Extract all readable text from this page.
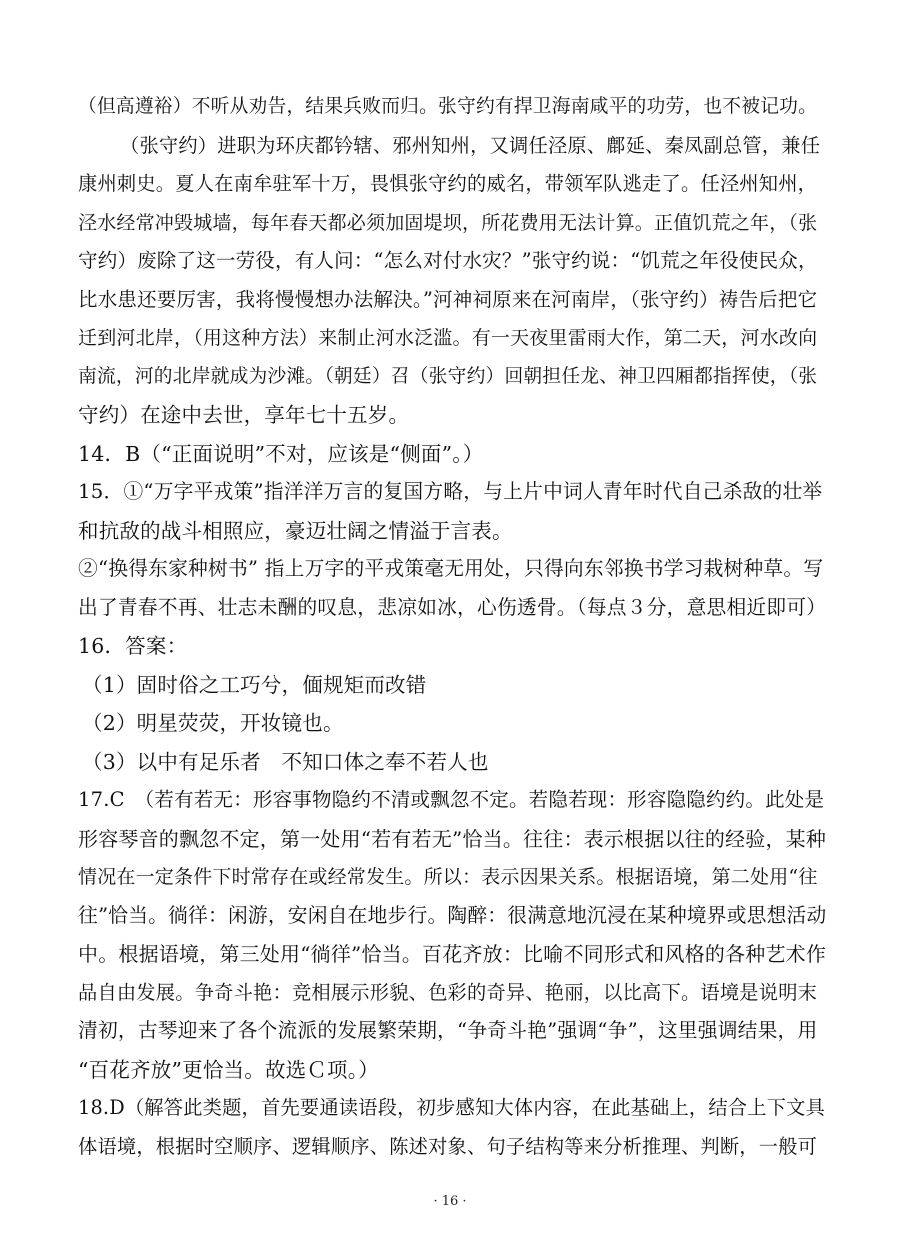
（但高遵裕）不听从劝告，结果兵败而归。张守约有捍卫海南咸平的功劳，也不被记功。
（张守约）进职为环庆都钤辖、邪州知州，又调任泾原、鄜延、秦凤副总管，兼任
康州刺史。夏人在南牟驻军十万，畏惧张守约的威名，带领军队逃走了。任泾州知州，
泾水经常冲毁城墙，每年春天都必须加固堤坝，所花费用无法计算。正值饥荒之年，（张
守约）废除了这一劳役，有人问：“怎么对付水灾？”张守约说：“饥荒之年役使民众，
比水患还要厉害，我将慢慢想办法解決。”河神祠原来在河南岸，（张守约）祷告后把它
迁到河北岸，（用这种方法）来制止河水泛滥。有一天夜里雷雨大作，第二天，河水改向
南流，河的北岸就成为沙滩。（朝廷）召（张守约）回朝担任龙、神卫四厢都指挥使，（张
守约）在途中去世，享年七十五岁。
14．B（“正面说明”不对，应该是“侧面”。）
15．①“万字平戎策”指洋洋万言的复国方略，与上片中词人青年时代自己杀敌的壮举
和抗敌的战斗相照应，豪迈壮阔之情溢于言表。
②“换得东家种树书” 指上万字的平戎策毫无用处，只得向东邻换书学习栽树种草。写
出了青春不再、壮志未酬的叹息，悲凉如冰，心伤透骨。（每点３分，意思相近即可）
16．答案：
（1）固时俗之工巧兮，偭规矩而改错
（2）明星荧荧，开妆镜也。
（3）以中有足乐者　不知口体之奉不若人也
17.C　（若有若无：形容事物隐约不清或飘忽不定。若隐若现：形容隐隐约约。此处是
形容琴音的飘忽不定，第一处用“若有若无”恰当。往往：表示根据以往的经验，某种
情况在一定条件下时常存在或经常发生。所以：表示因果关系。根据语境，第二处用“往
往”恰当。徜徉：闲游，安闲自在地步行。陶醉：很满意地沉浸在某种境界或思想活动
中。根据语境，第三处用“徜徉”恰当。百花齐放：比喻不同形式和风格的各种艺术作
品自由发展。争奇斗艳：竞相展示形貌、色彩的奇异、艳丽，以比高下。语境是说明末
清初，古琴迎来了各个流派的发展繁荣期，“争奇斗艳”强调“争”，这里强调结果，用
“百花齐放”更恰当。故选Ｃ项。）
18.D（解答此类题，首先要通读语段，初步感知大体内容，在此基础上，结合上下文具
体语境，根据时空顺序、逻辑顺序、陈述对象、句子结构等来分析推理、判断，一般可
· 16 ·
